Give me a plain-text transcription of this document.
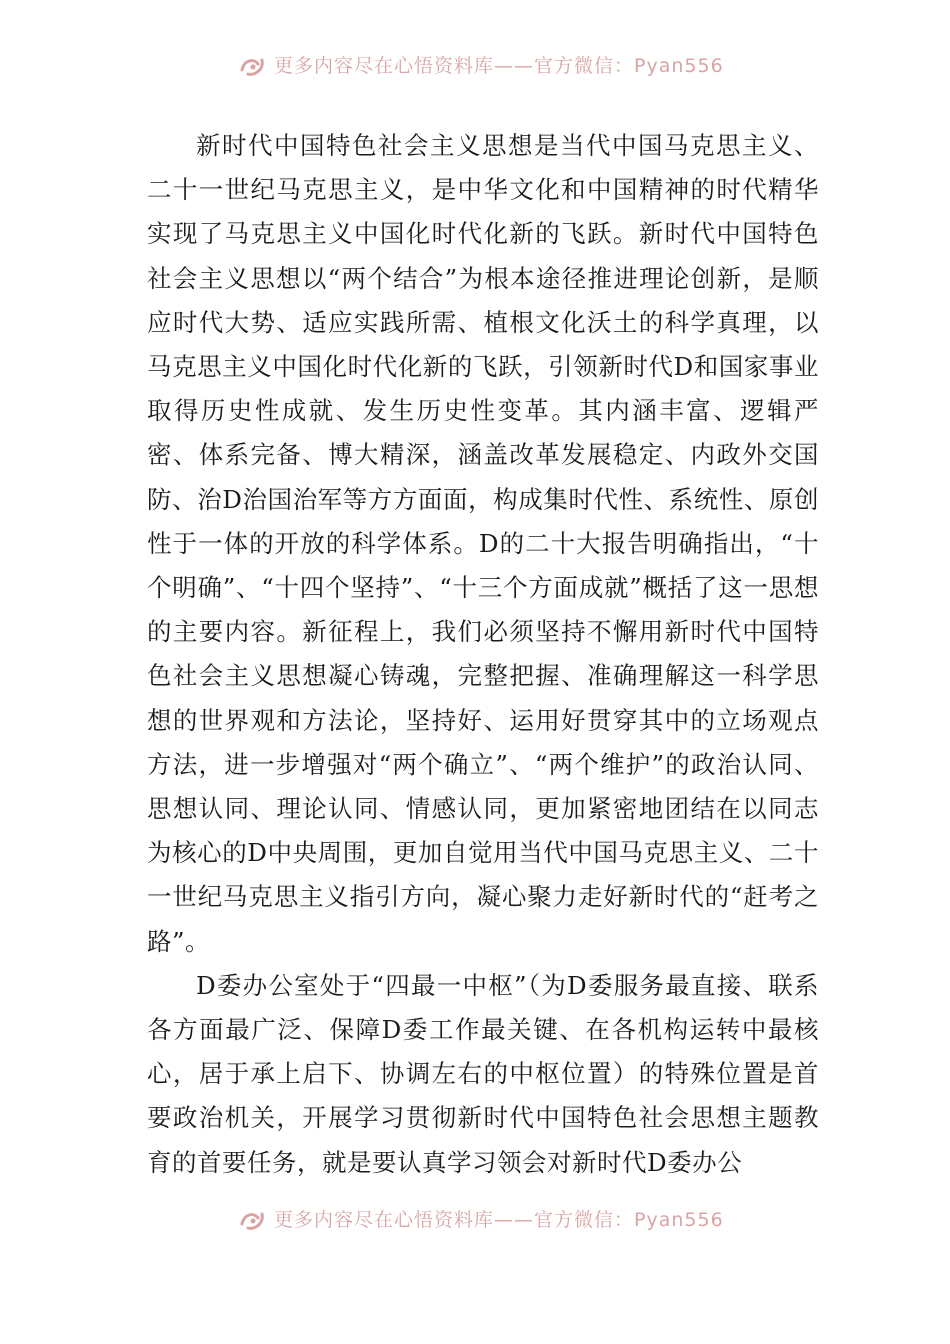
更多内容尽在心悟资料库——官方微信：Pyan556

新时代中国特色社会主义思想是当代中国马克思主义、二十一世纪马克思主义，是中华文化和中国精神的时代精华实现了马克思主义中国化时代化新的飞跃。新时代中国特色社会主义思想以“两个结合”为根本途径推进理论创新，是顺应时代大势、适应实践所需、植根文化沃土的科学真理，以马克思主义中国化时代化新的飞跃，引领新时代D和国家事业取得历史性成就、发生历史性变革。其内涵丰富、逻辑严密、体系完备、博大精深，涵盖改革发展稳定、内政外交国防、治D治国治军等方方面面，构成集时代性、系统性、原创性于一体的开放的科学体系。D的二十大报告明确指出，“十个明确”、“十四个坚持”、“十三个方面成就”概括了这一思想的主要内容。新征程上，我们必须坚持不懈用新时代中国特色社会主义思想凝心铸魂，完整把握、准确理解这一科学思想的世界观和方法论，坚持好、运用好贯穿其中的立场观点方法，进一步增强对“两个确立”、“两个维护”的政治认同、思想认同、理论认同、情感认同，更加紧密地团结在以同志为核心的D中央周围，更加自觉用当代中国马克思主义、二十一世纪马克思主义指引方向，凝心聚力走好新时代的“赶考之路”。

D委办公室处于“四最一中枢”（为D委服务最直接、联系各方面最广泛、保障D委工作最关键、在各机构运转中最核心，居于承上启下、协调左右的中枢位置）的特殊位置是首要政治机关，开展学习贯彻新时代中国特色社会思想主题教育的首要任务，就是要认真学习领会对新时代D委办公

更多内容尽在心悟资料库——官方微信：Pyan556
